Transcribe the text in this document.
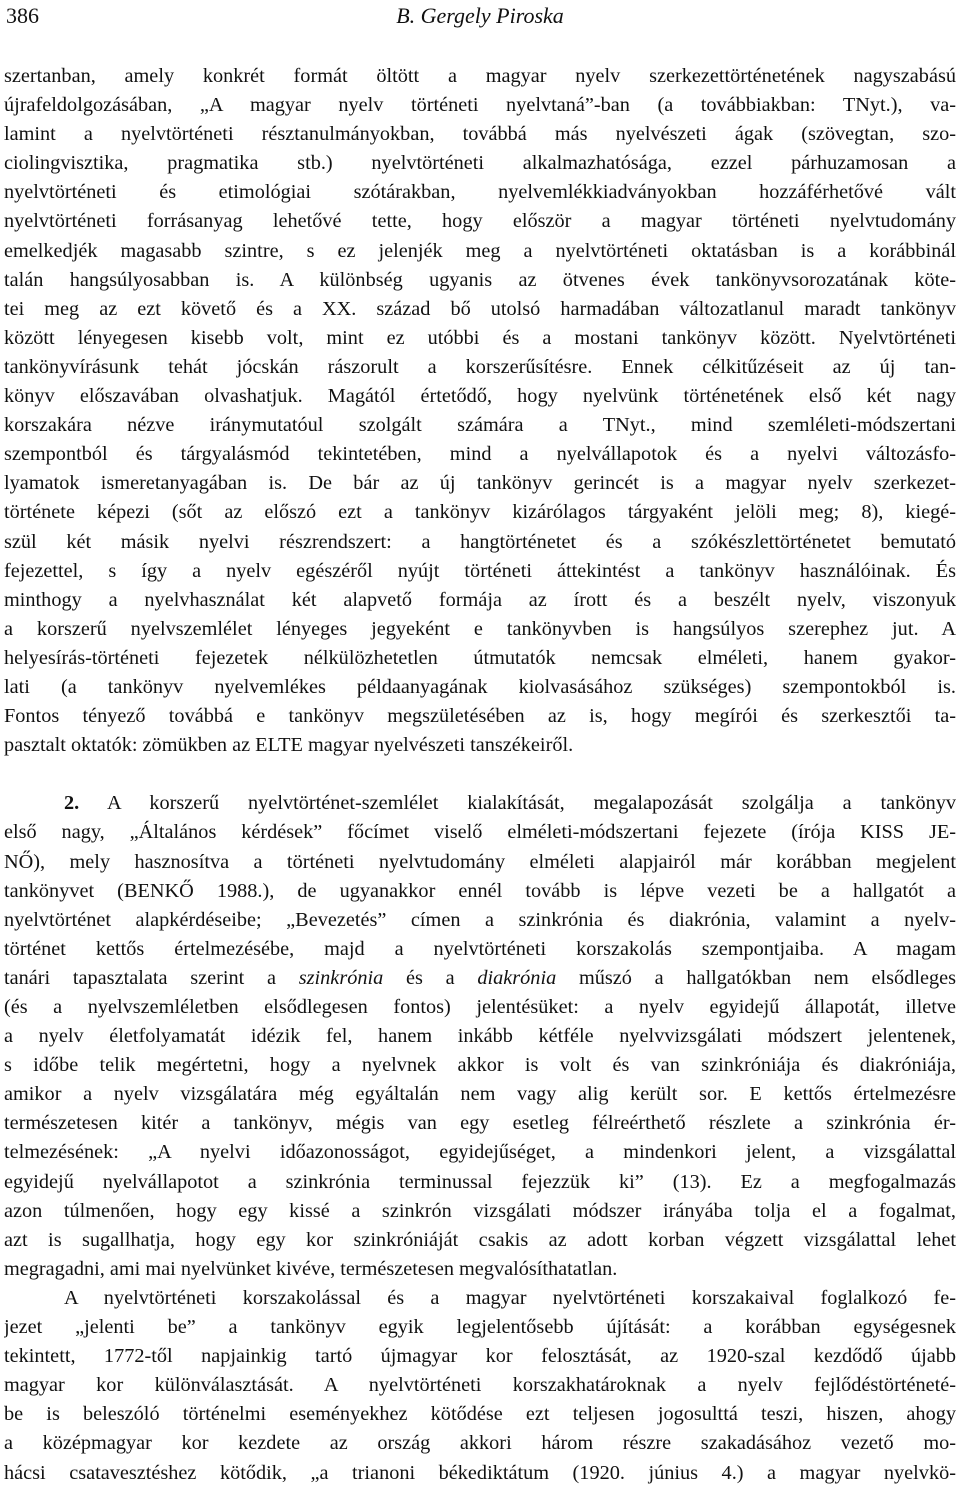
386	B. Gergely Piroska
szertanban, amely konkrét formát öltött a magyar nyelv szerkezettörténetének nagyszabású
újrafeldolgozásában, „A magyar nyelv történeti nyelvtaná”-ban (a továbbiakban: TNyt.), va-
lamint a nyelvtörténeti résztanulmányokban, továbbá más nyelvészeti ágak (szövegtan, szo-
ciolingvisztika, pragmatika stb.) nyelvtörténeti alkalmazhatósága, ezzel párhuzamosan a
nyelvtörténeti és etimológiai szótárakban, nyelvemlékkiadványokban hozzáférhetővé vált
nyelvtörténeti forrásanyag lehetővé tette, hogy először a magyar történeti nyelvtudomány
emelkedjék magasabb szintre, s ez jelenjék meg a nyelvtörténeti oktatásban is a korábbinál
talán hangsúlyosabban is. A különbség ugyanis az ötvenes évek tankönyvsorozatának köte-
tei meg az ezt követő és a XX. század bő utolsó harmadában változatlanul maradt tankönyv
között lényegesen kisebb volt, mint ez utóbbi és a mostani tankönyv között. Nyelvtörténeti
tankönyvírásunk tehát jócskán rászorult a korszerűsítésre. Ennek célkitűzéseit az új tan-
könyv előszavában olvashatjuk. Magától értetődő, hogy nyelvünk történetének első két nagy
korszakára nézve iránymutatóul szolgált számára a TNyt., mind szemléleti-módszertani
szempontból és tárgyalásmód tekintetében, mind a nyelvállapotok és a nyelvi változásfo-
lyamatok ismeretanyagában is. De bár az új tankönyv gerincét is a magyar nyelv szerkezet-
története képezi (sőt az előszó ezt a tankönyv kizárólagos tárgyaként jelöli meg; 8), kiegé-
szül két másik nyelvi részrendszert: a hangtörténetet és a szókészlettörténetet bemutató
fejezettel, s így a nyelv egészéről nyújt történeti áttekintést a tankönyv használóinak. És
minthogy a nyelvhasználat két alapvető formája az írott és a beszélt nyelv, viszonyuk
a korszerű nyelvszemlélet lényeges jegyeként e tankönyvben is hangsúlyos szerephez jut. A
helyesírás-történeti fejezetek nélkülözhetetlen útmutatók nemcsak elméleti, hanem gyakor-
lati (a tankönyv nyelvemlékes példaanyagának kiolvasásához szükséges) szempontokból is.
Fontos tényező továbbá e tankönyv megszületésében az is, hogy megírói és szerkesztői ta-
pasztalt oktatók: zömükben az ELTE magyar nyelvészeti tanszékeiről.
2. A korszerű nyelvtörténet-szemlélet kialakítását, megalapozását szolgálja a tankönyv
első nagy, „Általános kérdések” főcímet viselő elméleti-módszertani fejezete (írója KISS JE-
NŐ), mely hasznosítva a történeti nyelvtudomány elméleti alapjairól már korábban megjelent
tankönyvet (BENKŐ 1988.), de ugyanakkor ennél tovább is lépve vezeti be a hallgatót a
nyelvtörténet alapkérdéseibe; „Bevezetés” címen a szinkrónia és diakrónia, valamint a nyelv-
történet kettős értelmezésébe, majd a nyelvtörténeti korszakolás szempontjaiba. A magam
tanári tapasztalata szerint a szinkrónia és a diakrónia műszó a hallgatókban nem elsődleges
(és a nyelvszemléletben elsődlegesen fontos) jelentésüket: a nyelv egyidejű állapotát, illetve
a nyelv életfolyamatát idézik fel, hanem inkább kétféle nyelvvizsgálati módszert jelentenek,
s időbe telik megértetni, hogy a nyelvnek akkor is volt és van szinkróniája és diakróniája,
amikor a nyelv vizsgálatára még egyáltalán nem vagy alig került sor. E kettős értelmezésre
természetesen kitér a tankönyv, mégis van egy esetleg félreérthető részlete a szinkrónia ér-
telmezésének: „A nyelvi időazonosságot, egyidejűséget, a mindenkori jelent, a vizsgálattal
egyidejű nyelvállapotot a szinkrónia terminussal fejezzük ki” (13). Ez a megfogalmazás
azon túlmenően, hogy egy kissé a szinkrón vizsgálati módszer irányába tolja el a fogalmat,
azt is sugallhatja, hogy egy kor szinkróniáját csakis az adott korban végzett vizsgálattal lehet
megragadni, ami mai nyelvünket kivéve, természetesen megvalósíthatatlan.
A nyelvtörténeti korszakolással és a magyar nyelvtörténeti korszakaival foglalkozó fe-
jezet „jelenti be” a tankönyv egyik legjelentősebb újítását: a korábban egységesnek
tekintett, 1772-től napjainkig tartó újmagyar kor felosztását, az 1920-szal kezdődő újabb
magyar kor különválasztását. A nyelvtörténeti korszakhatároknak a nyelv fejlődéstörténeté-
be is beleszóló történelmi eseményekhez kötődése ezt teljesen jogosulttá teszi, hiszen, ahogy
a középmagyar kor kezdete az ország akkori három részre szakadásához vezető mo-
hácsi csatavesztéshez kötődik, „a trianoni békediktátum (1920. június 4.) a magyar nyelvkö-
